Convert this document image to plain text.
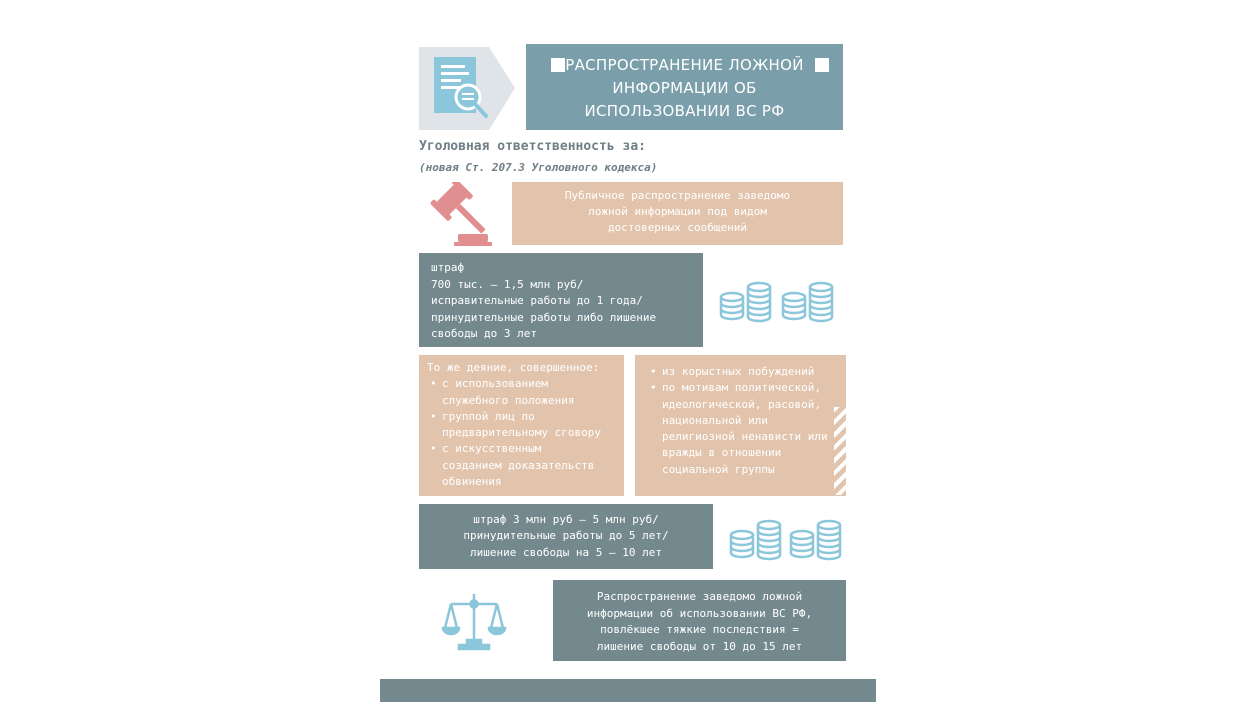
РАСПРОСТРАНЕНИЕ ЛОЖНОЙ
ИНФОРМАЦИИ ОБ
ИСПОЛЬЗОВАНИИ ВС РФ
Уголовная ответственность за:
(новая Ст. 207.3 Уголовного кодекса)
Публичное распространение заведомо
ложной информации под видом
достоверных сообщений
штраф
700 тыс. – 1,5 млн руб/
исправительные работы до 1 года/
принудительные работы либо лишение
свободы до 3 лет
То же деяние, совершенное:
• с использованием
служебного положения
• группой лиц по
предварительному сговору
• с искусственным
созданием доказательств
обвинения
• из корыстных побуждений
• по мотивам политической,
идеологической, расовой,
национальной или
религиозной ненависти или
вражды в отношении
социальной группы
штраф 3 млн руб – 5 млн руб/
принудительные работы до 5 лет/
лишение свободы на 5 – 10 лет
Распространение заведомо ложной
информации об использовании ВС РФ,
повлёкшее тяжкие последствия =
лишение свободы от 10 до 15 лет
